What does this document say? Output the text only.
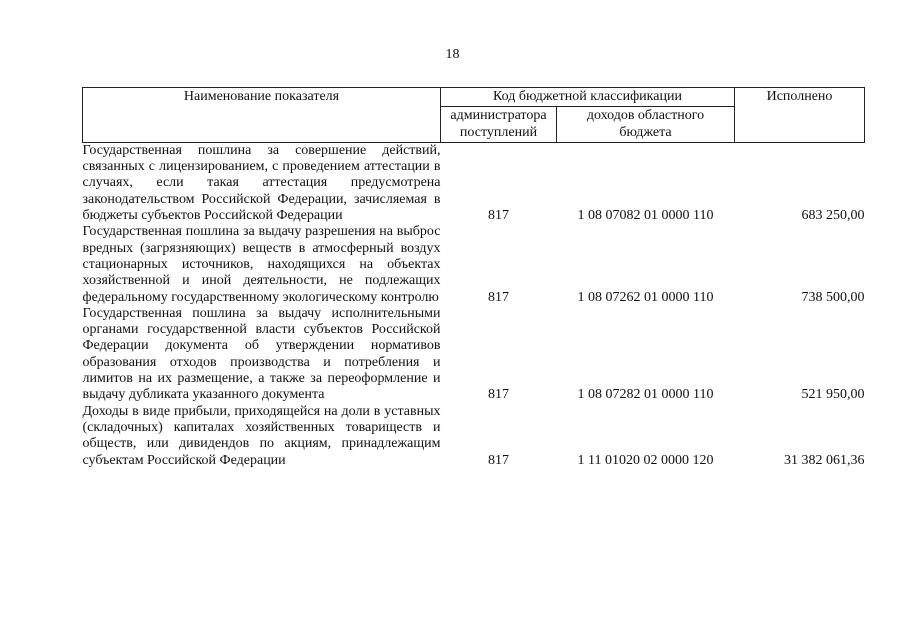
18
Наименование показателя	Код бюджетной классификации		Исполнено
	администратора поступлений	доходов областного бюджета	

Государственная пошлина за совершение действий, связанных с лицензированием, с проведением аттестации в случаях, если такая аттестация предусмотрена законодательством Российской Федерации, зачисляемая в бюджеты субъектов Российской Федерации	817	1 08 07082 01 0000 110	683 250,00

Государственная пошлина за выдачу разрешения на выброс вредных (загрязняющих) веществ в атмосферный воздух стационарных источников, находящихся на объектах хозяйственной и иной деятельности, не подлежащих федеральному государственному экологическому контролю	817	1 08 07262 01 0000 110	738 500,00

Государственная пошлина за выдачу исполнительными органами государственной власти субъектов Российской Федерации документа об утверждении нормативов образования отходов производства и потребления и лимитов на их размещение, а также за переоформление и выдачу дубликата указанного документа	817	1 08 07282 01 0000 110	521 950,00

Доходы в виде прибыли, приходящейся на доли в уставных (складочных) капиталах хозяйственных товариществ и обществ, или дивидендов по акциям, принадлежащим субъектам Российской Федерации	817	1 11 01020 02 0000 120	31 382 061,36
